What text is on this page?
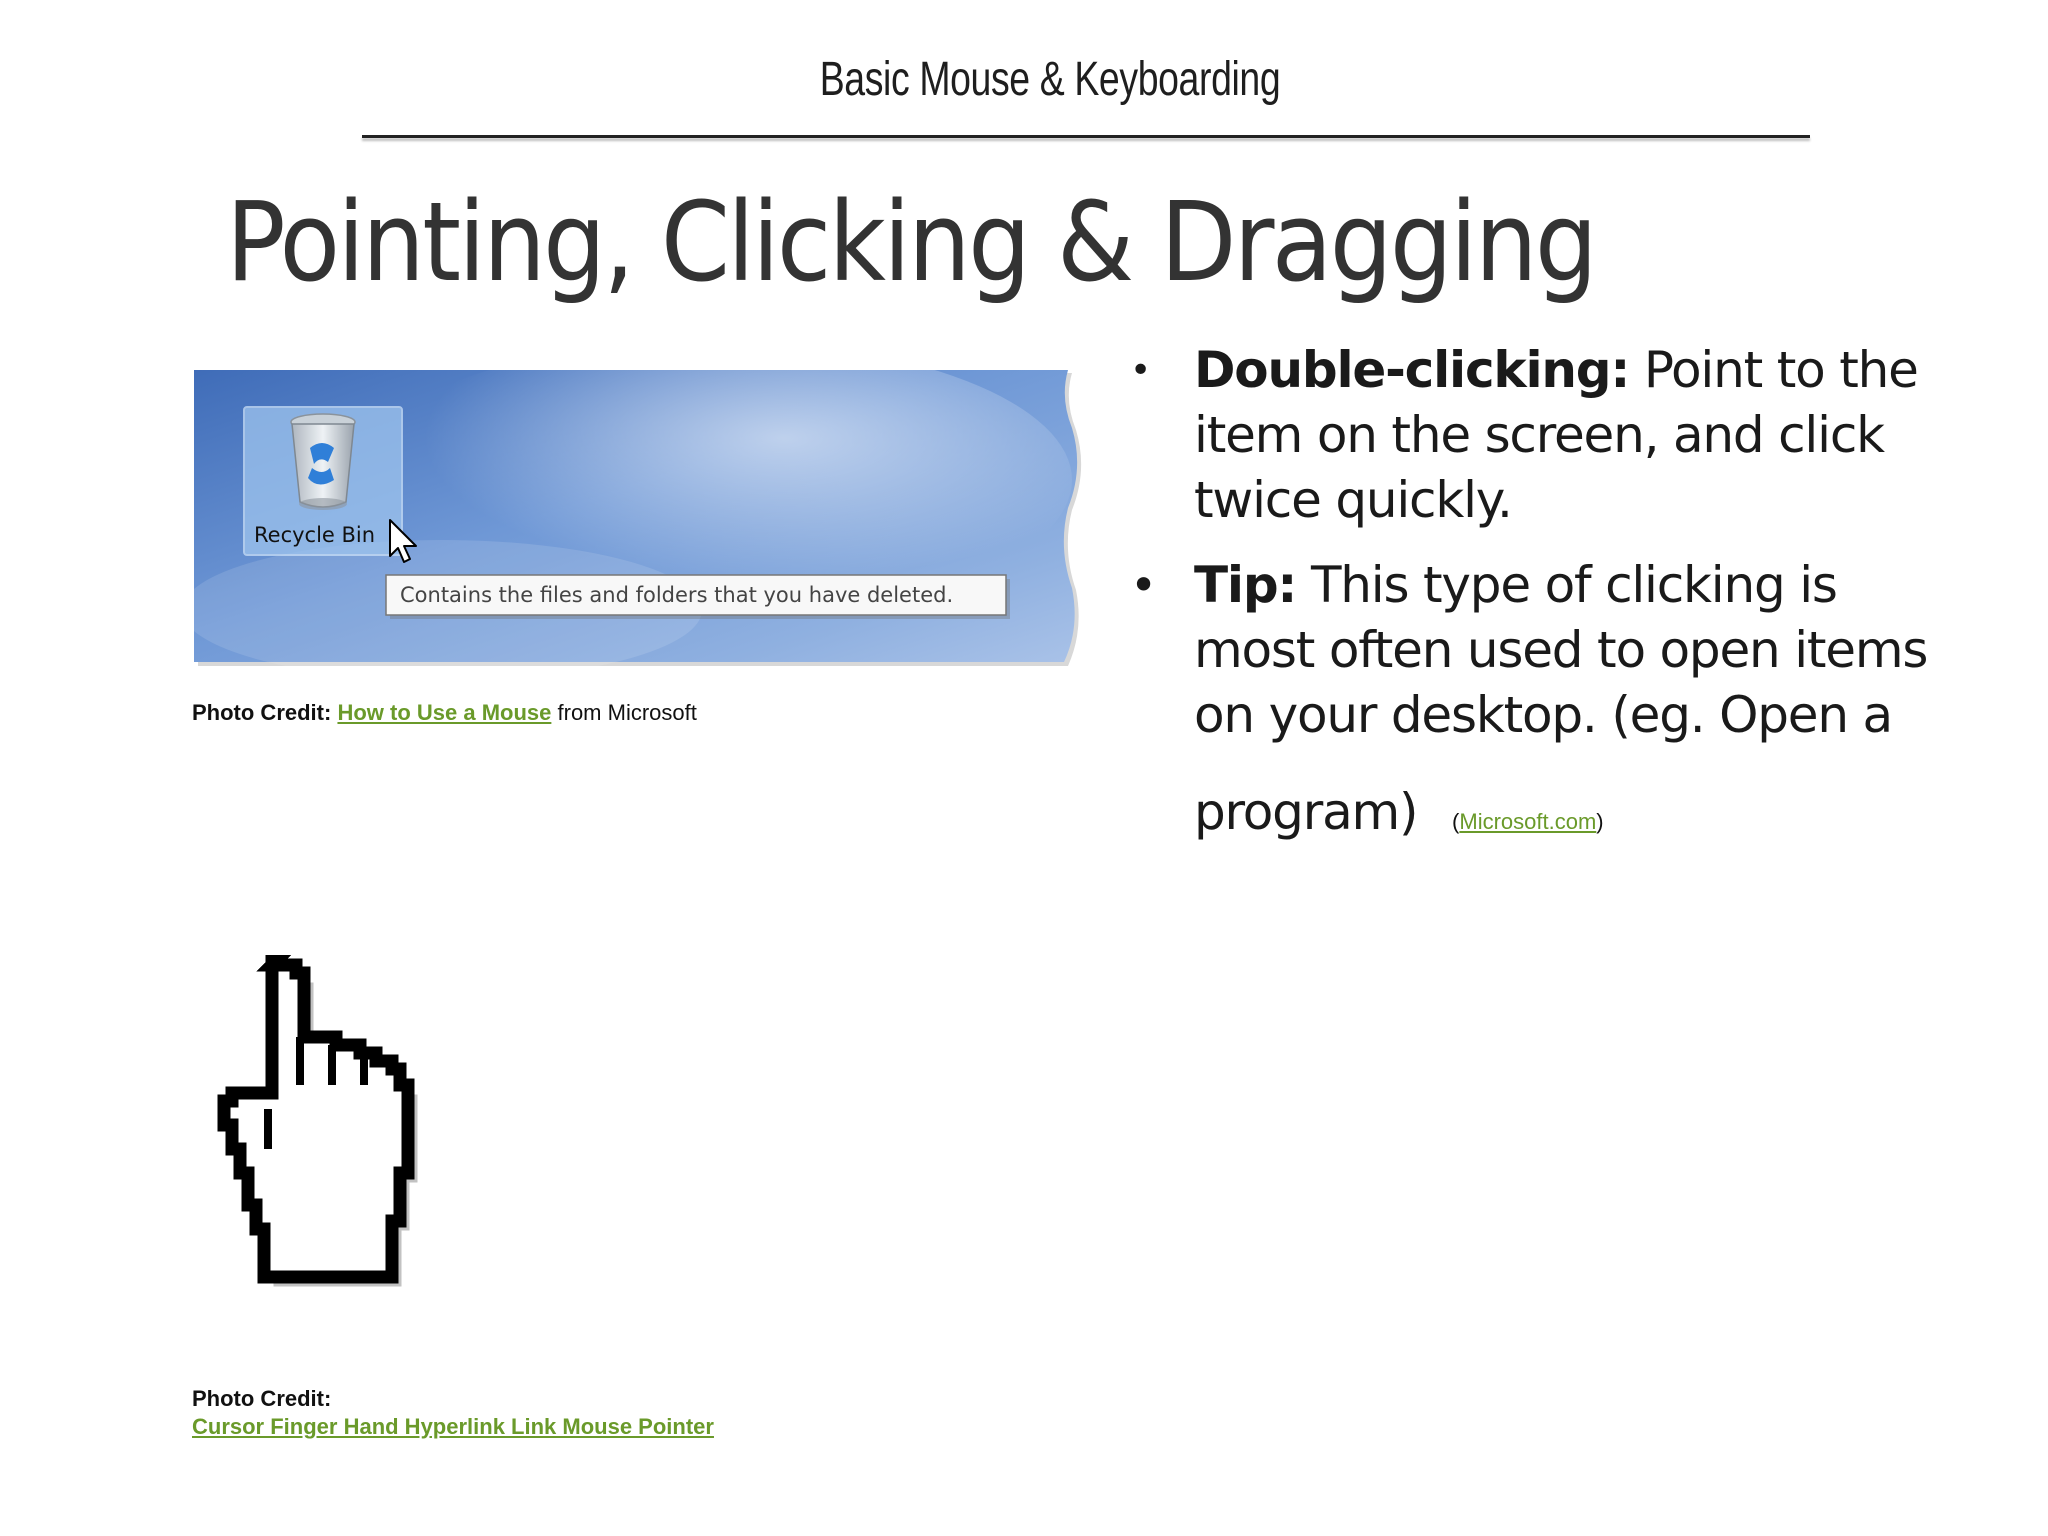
Basic Mouse & Keyboarding
Pointing, Clicking & Dragging
Recycle Bin
Contains the files and folders that you have deleted.
Photo Credit: How to Use a Mouse from Microsoft
Photo Credit:
Cursor Finger Hand Hyperlink Link Mouse Pointer
• Double-clicking: Point to the item on the screen, and click twice quickly.
• Tip: This type of clicking is most often used to open items on your desktop. (eg. Open a
program) (Microsoft.com)
